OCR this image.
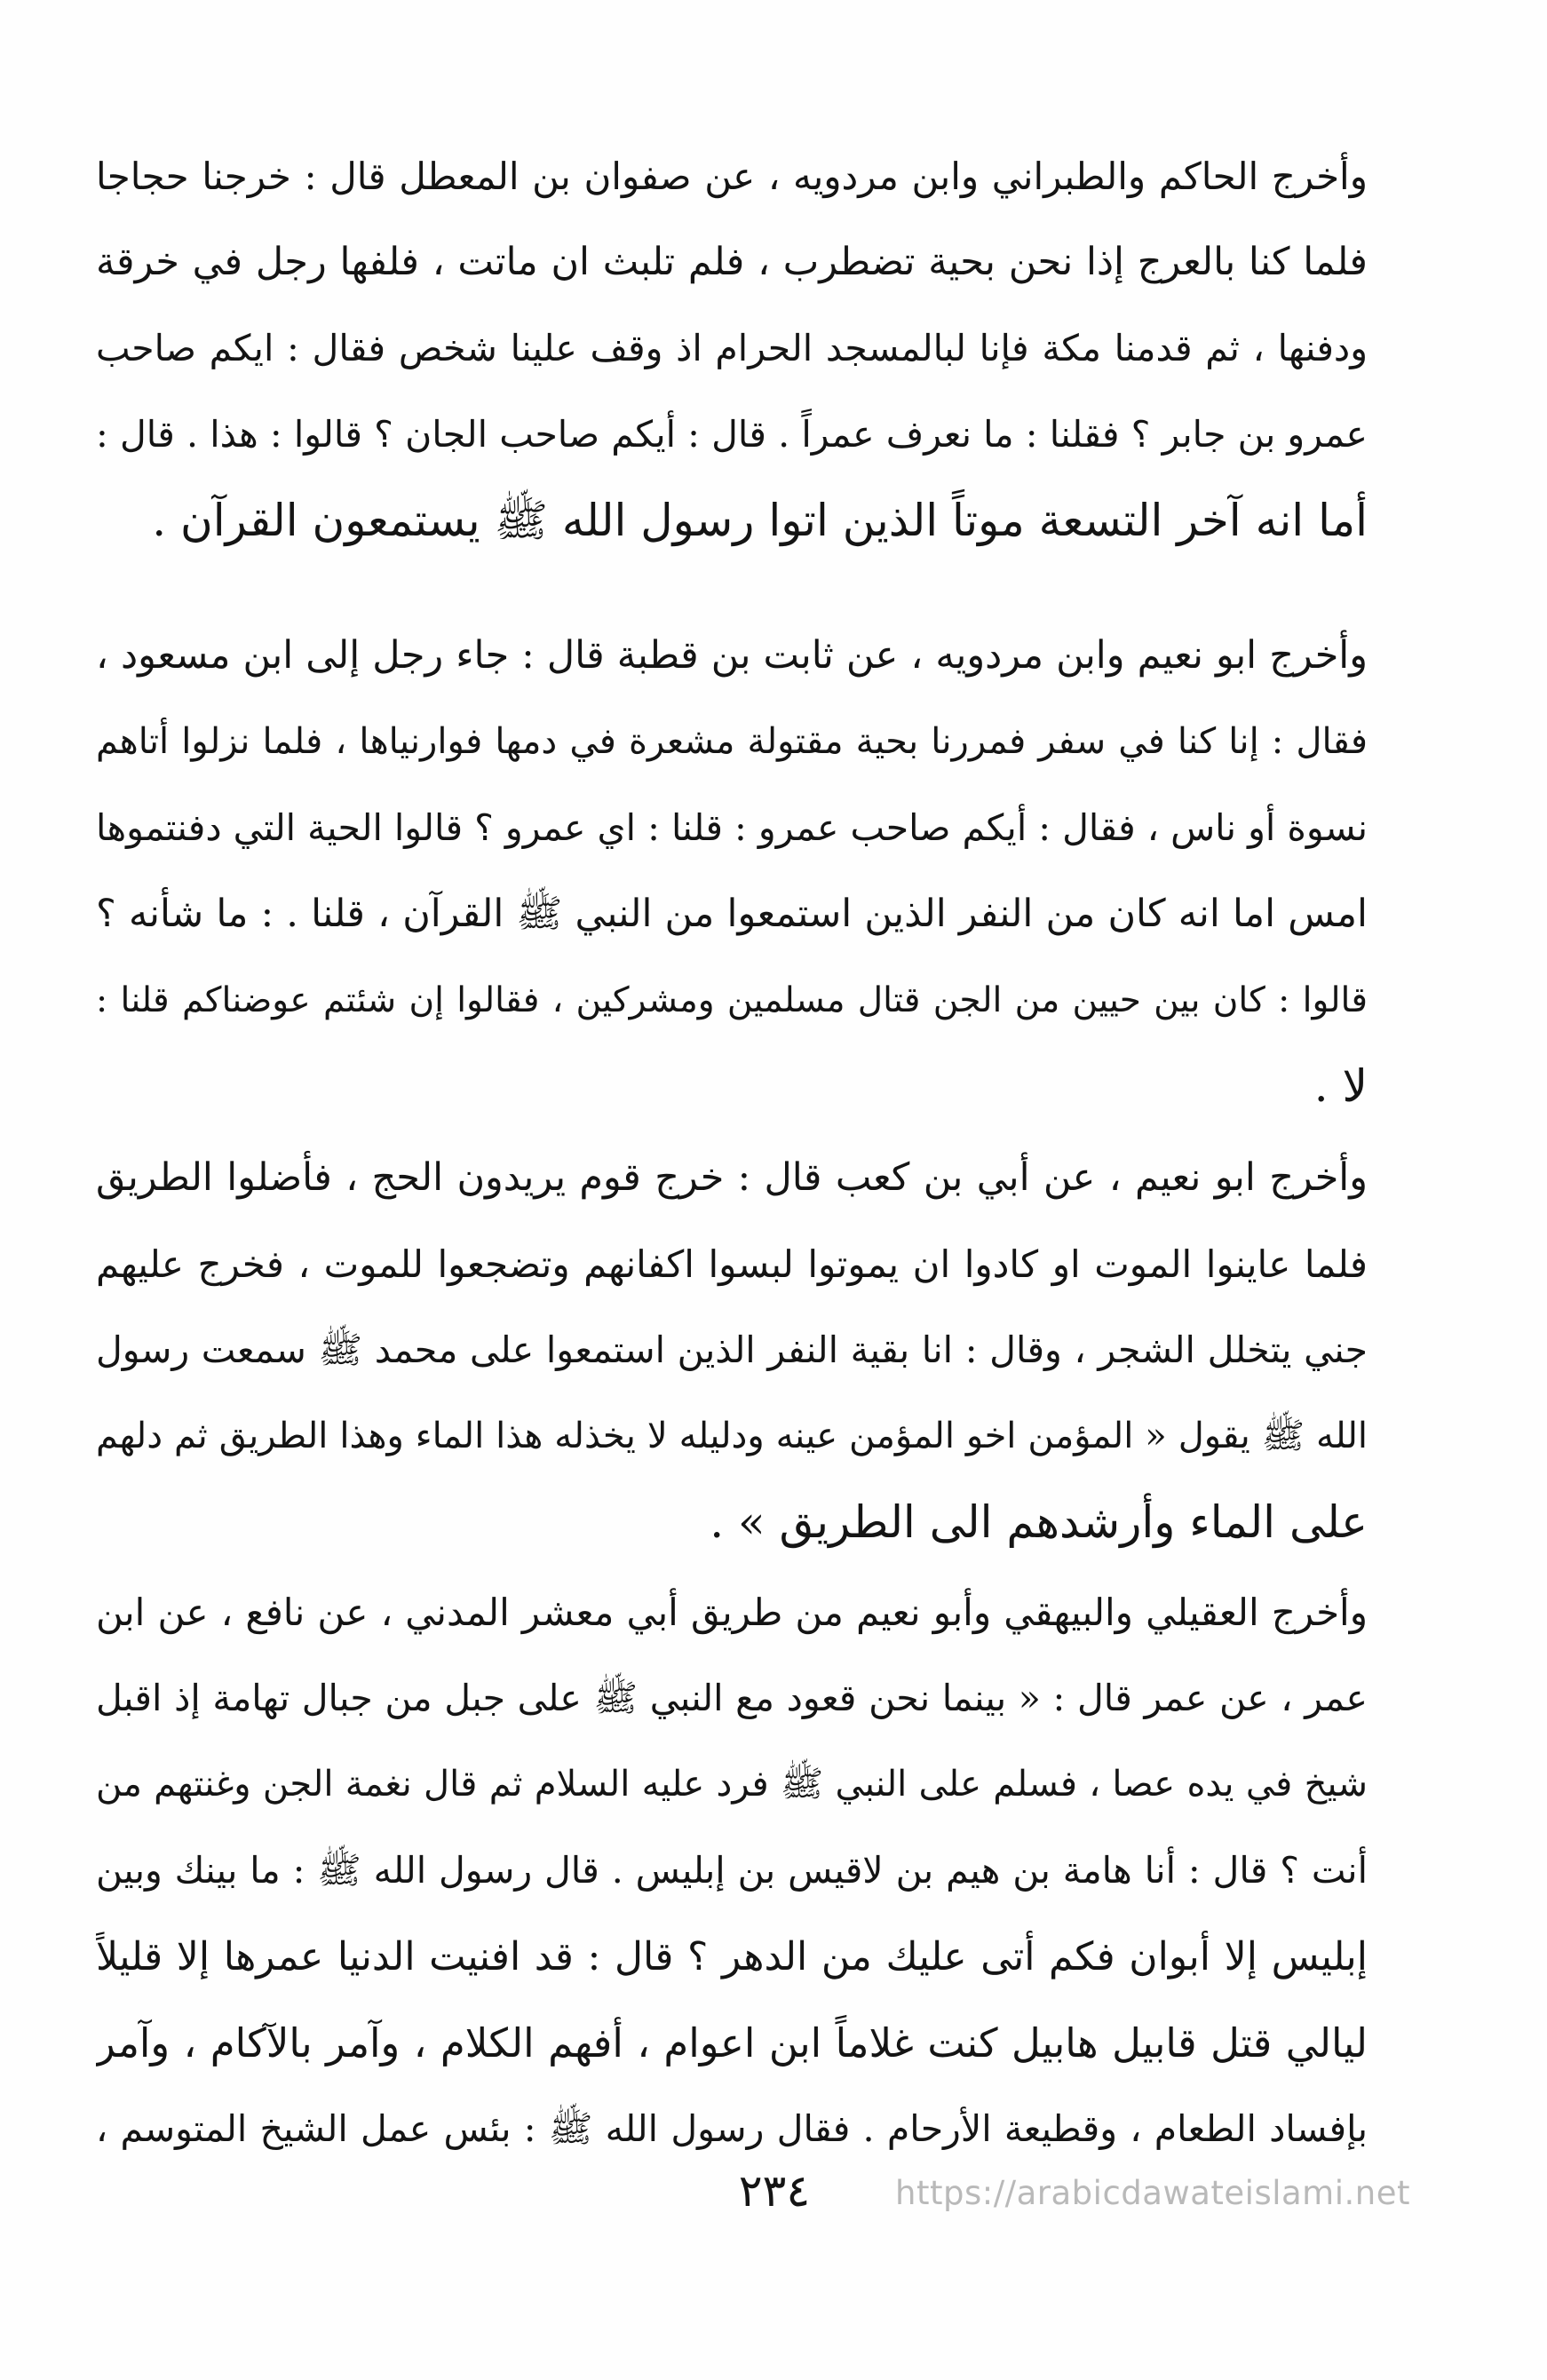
وأخرج الحاكم والطبراني وابن مردويه ، عن صفوان بن المعطل قال : خرجنا حجاجا
فلما كنا بالعرج إذا نحن بحية تضطرب ، فلم تلبث ان ماتت ، فلفها رجل في خرقة
ودفنها ، ثم قدمنا مكة فإنا لبالمسجد الحرام اذ وقف علينا شخص فقال : ايكم صاحب
عمرو بن جابر ؟ فقلنا : ما نعرف عمراً . قال : أيكم صاحب الجان ؟ قالوا : هذا . قال :
أما انه آخر التسعة موتاً الذين اتوا رسول الله ﷺ يستمعون القرآن .
وأخرج ابو نعيم وابن مردويه ، عن ثابت بن قطبة قال : جاء رجل إلى ابن مسعود ،
فقال : إنا كنا في سفر فمررنا بحية مقتولة مشعرة في دمها فوارنياها ، فلما نزلوا أتاهم
نسوة أو ناس ، فقال : أيكم صاحب عمرو : قلنا : اي عمرو ؟ قالوا الحية التي دفنتموها
امس اما انه كان من النفر الذين استمعوا من النبي ﷺ القرآن ، قلنا . : ما شأنه ؟
قالوا : كان بين حيين من الجن قتال مسلمين ومشركين ، فقالوا إن شئتم عوضناكم قلنا :
لا .
وأخرج ابو نعيم ، عن أبي بن كعب قال : خرج قوم يريدون الحج ، فأضلوا الطريق
فلما عاينوا الموت او كادوا ان يموتوا لبسوا اكفانهم وتضجعوا للموت ، فخرج عليهم
جني يتخلل الشجر ، وقال : انا بقية النفر الذين استمعوا على محمد ﷺ سمعت رسول
الله ﷺ يقول « المؤمن اخو المؤمن عينه ودليله لا يخذله هذا الماء وهذا الطريق ثم دلهم
على الماء وأرشدهم الى الطريق » .
وأخرج العقيلي والبيهقي وأبو نعيم من طريق أبي معشر المدني ، عن نافع ، عن ابن
عمر ، عن عمر قال : « بينما نحن قعود مع النبي ﷺ على جبل من جبال تهامة إذ اقبل
شيخ في يده عصا ، فسلم على النبي ﷺ فرد عليه السلام ثم قال نغمة الجن وغنتهم من
أنت ؟ قال : أنا هامة بن هيم بن لاقيس بن إبليس . قال رسول الله ﷺ : ما بينك وبين
إبليس إلا أبوان فكم أتى عليك من الدهر ؟ قال : قد افنيت الدنيا عمرها إلا قليلاً
ليالي قتل قابيل هابيل كنت غلاماً ابن اعوام ، أفهم الكلام ، وآمر بالآكام ، وآمر
بإفساد الطعام ، وقطيعة الأرحام . فقال رسول الله ﷺ : بئس عمل الشيخ المتوسم ،
٢٣٤	https://arabicdawateislami.net
